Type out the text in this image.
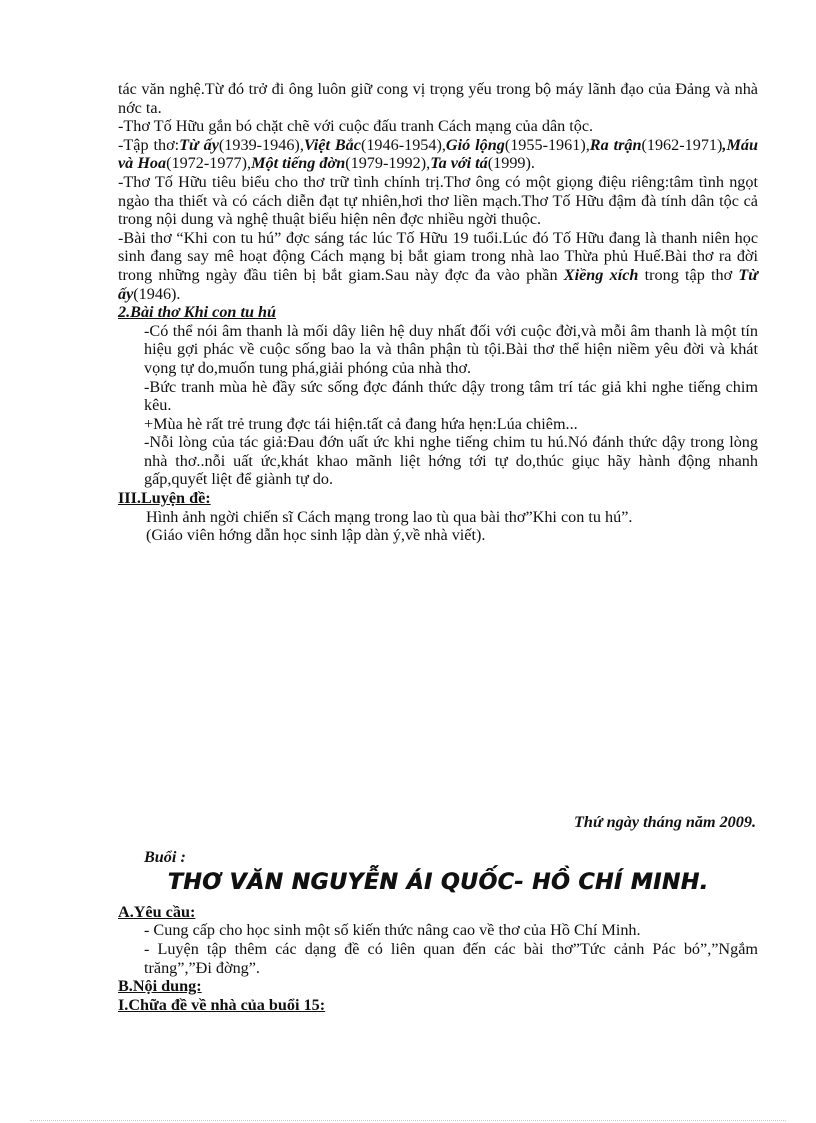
tác văn nghệ.Từ đó trở đi ông luôn giữ cong vị trọng yếu trong bộ máy lãnh đạo của Đảng và nhà nớc ta.

-Thơ Tố Hữu gắn bó chặt chẽ với cuộc đấu tranh Cách mạng của dân tộc.

-Tập thơ:Từ ấy(1939-1946),Việt Bắc(1946-1954),Gió lộng(1955-1961),Ra trận(1962-1971),Máu và Hoa(1972-1977),Một tiếng đờn(1979-1992),Ta với tá(1999).

-Thơ Tố Hữu tiêu biểu cho thơ trữ tình chính trị.Thơ ông có một giọng điệu riêng:tâm tình ngọt ngào tha thiết và có cách diễn đạt tự nhiên,hơi thơ liền mạch.Thơ Tố Hữu đậm đà tính dân tộc cả trong nội dung và nghệ thuật biểu hiện nên đợc nhiều ngời thuộc.

-Bài thơ “Khi con tu hú” đợc sáng tác lúc Tố Hữu 19 tuổi.Lúc đó Tố Hữu đang là thanh niên học sinh đang say mê hoạt động Cách mạng bị bắt giam trong nhà lao Thừa phủ Huế.Bài thơ ra đời trong những ngày đầu tiên bị bắt giam.Sau này đợc đa vào phần Xiềng xích trong tập thơ Từ ấy(1946).

2.Bài thơ Khi con tu hú

-Có thể nói âm thanh là mối dây liên hệ duy nhất đối với cuộc đời,và mỗi âm thanh là một tín hiệu gợi phác về cuộc sống bao la và thân phận tù tội.Bài thơ thể hiện niềm yêu đời và khát vọng tự do,muốn tung phá,giải phóng của nhà thơ.

-Bức tranh mùa hè đầy sức sống đợc đánh thức dậy trong tâm trí tác giả khi nghe tiếng chim kêu.

+Mùa hè rất trẻ trung đợc tái hiện.tất cả đang hứa hẹn:Lúa chiêm...

-Nỗi lòng của tác giả:Đau đớn uất ức khi nghe tiếng chim tu hú.Nó đánh thức dậy trong lòng nhà thơ..nỗi uất ức,khát khao mãnh liệt hớng tới tự do,thúc giục hãy hành động nhanh gấp,quyết liệt để giành tự do.

III.Luyện đề:

Hình ảnh ngời chiến sĩ Cách mạng trong lao tù qua bài thơ”Khi con tu hú”.

(Giáo viên hớng dẫn học sinh lập dàn ý,về nhà viết).

Thứ ngày tháng năm 2009.

Buổi :

THƠ VĂN NGUYỄN ÁI QUỐC- HỒ CHÍ MINH.

A.Yêu cầu:

- Cung cấp cho học sinh một số kiến thức nâng cao về thơ của Hồ Chí Minh.

- Luyện tập thêm các dạng đề có liên quan đến các bài thơ”Tức cảnh Pác bó”,”Ngắm trăng”,”Đi đờng”.

B.Nội dung:

I.Chữa đề về nhà của buổi 15:
